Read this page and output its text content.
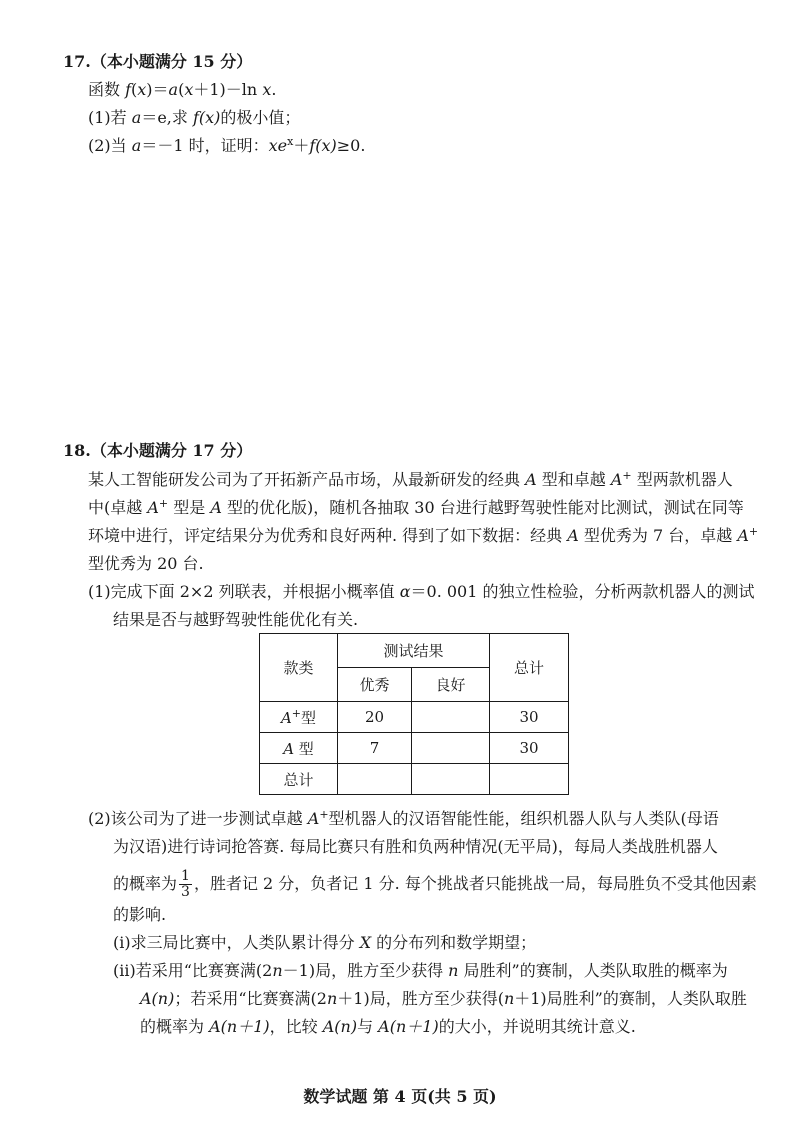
17.（本小题满分 15 分）
函数 f(x)＝a(x＋1)－ln x.
(1)若 a＝e,求 f(x)的极小值；
(2)当 a＝－1 时，证明：$xe^x+f(x)\ge 0$.
18.（本小题满分 17 分）
某人工智能研发公司为了开拓新产品市场，从最新研发的经典 A 型和卓越 A+ 型两款机器人
中(卓越 A+ 型是 A 型的优化版)，随机各抽取 30 台进行越野驾驶性能对比测试，测试在同等
环境中进行，评定结果分为优秀和良好两种. 得到了如下数据：经典 A 型优秀为 7 台，卓越 A+
型优秀为 20 台.
(1)完成下面 2×2 列联表，并根据小概率值 α＝0. 001 的独立性检验，分析两款机器人的测试
结果是否与越野驾驶性能优化有关.
款类	测试结果		总计
	优秀	良好	
A+型	20		30
A 型	7		30
总计			
(2)该公司为了进一步测试卓越 A+型机器人的汉语智能性能，组织机器人队与人类队(母语
为汉语)进行诗词抢答赛. 每局比赛只有胜和负两种情况(无平局)，每局人类战胜机器人
的概率为 $\frac{1}{3}$ ，胜者记 2 分，负者记 1 分. 每个挑战者只能挑战一局，每局胜负不受其他因素
的影响.
(i)求三局比赛中，人类队累计得分 X 的分布列和数学期望；
(ii)若采用“比赛赛满(2n－1)局，胜方至少获得 n 局胜利”的赛制，人类队取胜的概率为
A(n)；若采用“比赛赛满(2n＋1)局，胜方至少获得(n＋1)局胜利”的赛制，人类队取胜
的概率为 A(n＋1)，比较 A(n)与 A(n＋1)的大小，并说明其统计意义.
数学试题 第 4 页(共 5 页)
